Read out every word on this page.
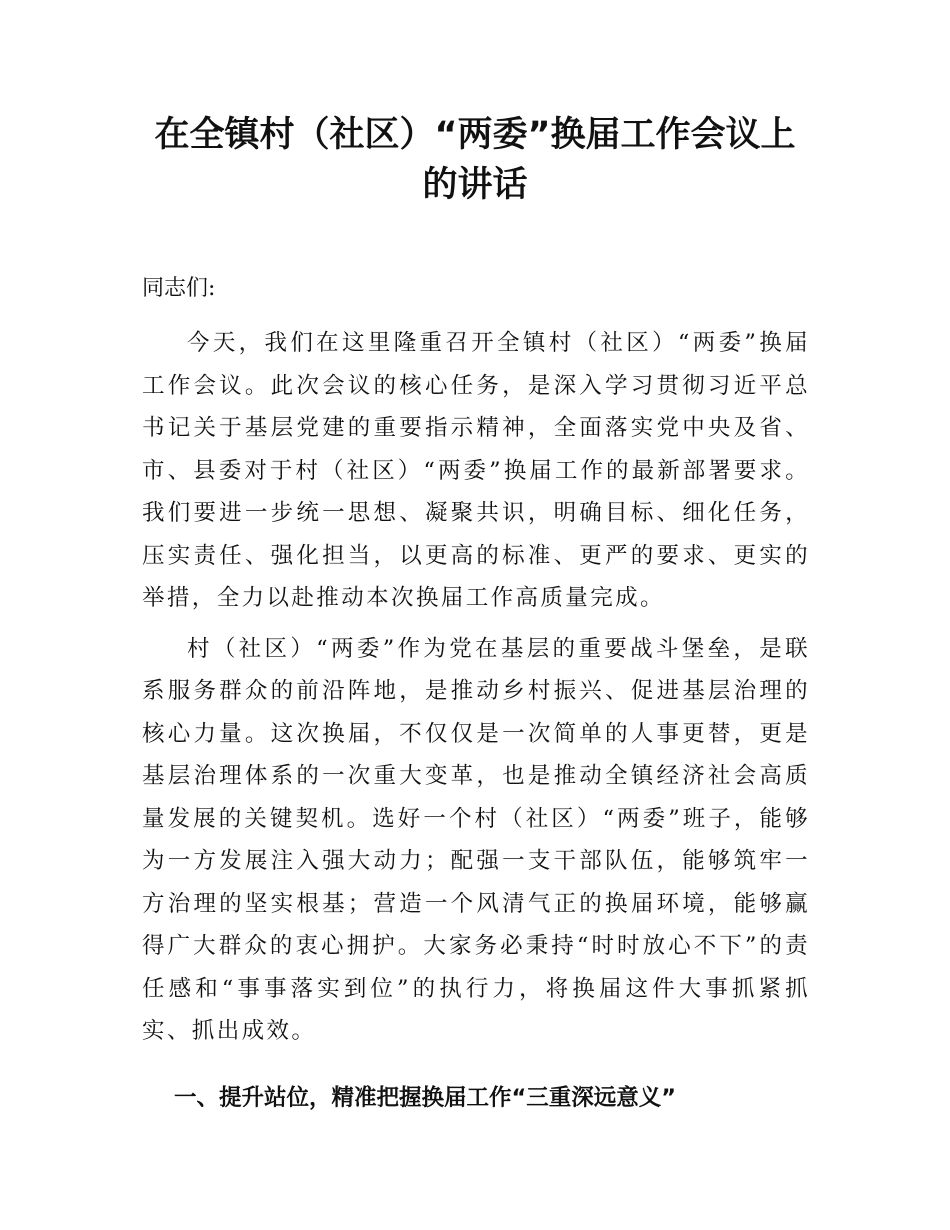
在全镇村（社区）“两委”换届工作会议上
的讲话

同志们:

今天，我们在这里隆重召开全镇村（社区）“两委”换届工作会议。此次会议的核心任务，是深入学习贯彻习近平总书记关于基层党建的重要指示精神，全面落实党中央及省、市、县委对于村（社区）“两委”换届工作的最新部署要求。我们要进一步统一思想、凝聚共识，明确目标、细化任务，压实责任、强化担当，以更高的标准、更严的要求、更实的举措，全力以赴推动本次换届工作高质量完成。

村（社区）“两委”作为党在基层的重要战斗堡垒，是联系服务群众的前沿阵地，是推动乡村振兴、促进基层治理的核心力量。这次换届，不仅仅是一次简单的人事更替，更是基层治理体系的一次重大变革，也是推动全镇经济社会高质量发展的关键契机。选好一个村（社区）“两委”班子，能够为一方发展注入强大动力；配强一支干部队伍，能够筑牢一方治理的坚实根基；营造一个风清气正的换届环境，能够赢得广大群众的衷心拥护。大家务必秉持“时时放心不下”的责任感和“事事落实到位”的执行力，将换届这件大事抓紧抓实、抓出成效。

一、提升站位，精准把握换届工作“三重深远意义”
